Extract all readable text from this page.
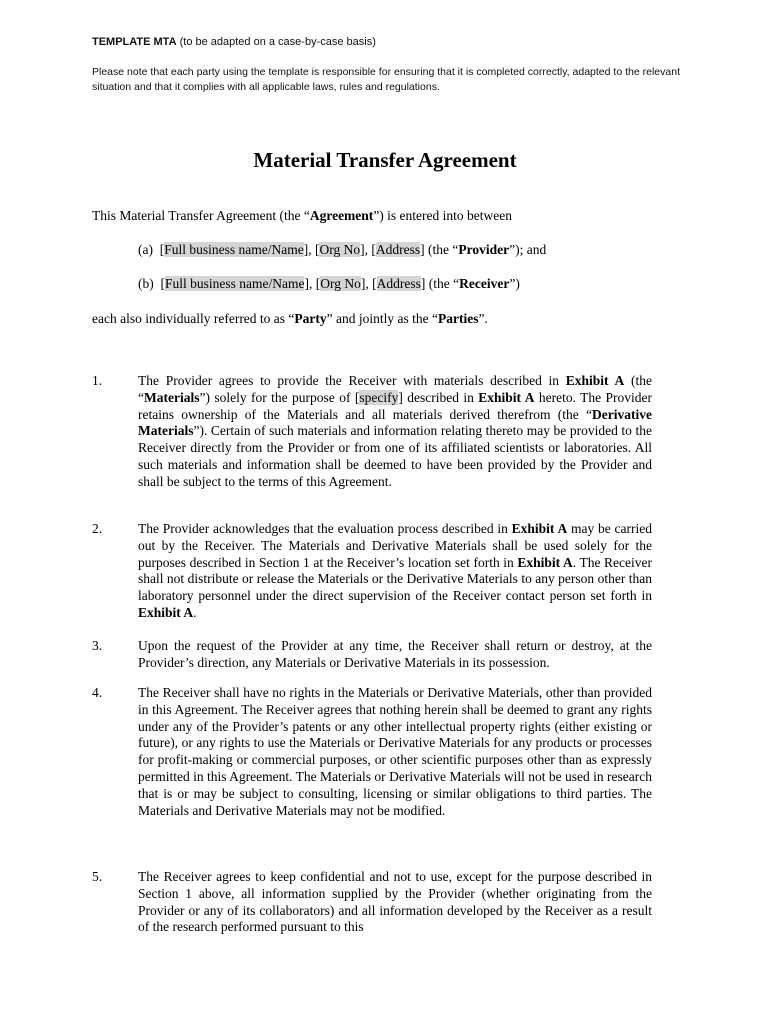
TEMPLATE MTA (to be adapted on a case-by-case basis)
Please note that each party using the template is responsible for ensuring that it is completed correctly, adapted to the relevant situation and that it complies with all applicable laws, rules and regulations.
Material Transfer Agreement
This Material Transfer Agreement (the “Agreement”) is entered into between
(a)  [Full business name/Name], [Org No], [Address] (the “Provider”); and
(b)  [Full business name/Name], [Org No], [Address] (the “Receiver”)
each also individually referred to as “Party” and jointly as the “Parties”.
1.	The Provider agrees to provide the Receiver with materials described in Exhibit A (the “Materials”) solely for the purpose of [specify] described in Exhibit A hereto. The Provider retains ownership of the Materials and all materials derived therefrom (the “Derivative Materials”). Certain of such materials and information relating thereto may be provided to the Receiver directly from the Provider or from one of its affiliated scientists or laboratories. All such materials and information shall be deemed to have been provided by the Provider and shall be subject to the terms of this Agreement.
2.	The Provider acknowledges that the evaluation process described in Exhibit A may be carried out by the Receiver. The Materials and Derivative Materials shall be used solely for the purposes described in Section 1 at the Receiver’s location set forth in Exhibit A. The Receiver shall not distribute or release the Materials or the Derivative Materials to any person other than laboratory personnel under the direct supervision of the Receiver contact person set forth in Exhibit A.
3.	Upon the request of the Provider at any time, the Receiver shall return or destroy, at the Provider’s direction, any Materials or Derivative Materials in its possession.
4.	The Receiver shall have no rights in the Materials or Derivative Materials, other than provided in this Agreement. The Receiver agrees that nothing herein shall be deemed to grant any rights under any of the Provider’s patents or any other intellectual property rights (either existing or future), or any rights to use the Materials or Derivative Materials for any products or processes for profit-making or commercial purposes, or other scientific purposes other than as expressly permitted in this Agreement. The Materials or Derivative Materials will not be used in research that is or may be subject to consulting, licensing or similar obligations to third parties. The Materials and Derivative Materials may not be modified.
5.	The Receiver agrees to keep confidential and not to use, except for the purpose described in Section 1 above, all information supplied by the Provider (whether originating from the Provider or any of its collaborators) and all information developed by the Receiver as a result of the research performed pursuant to this
